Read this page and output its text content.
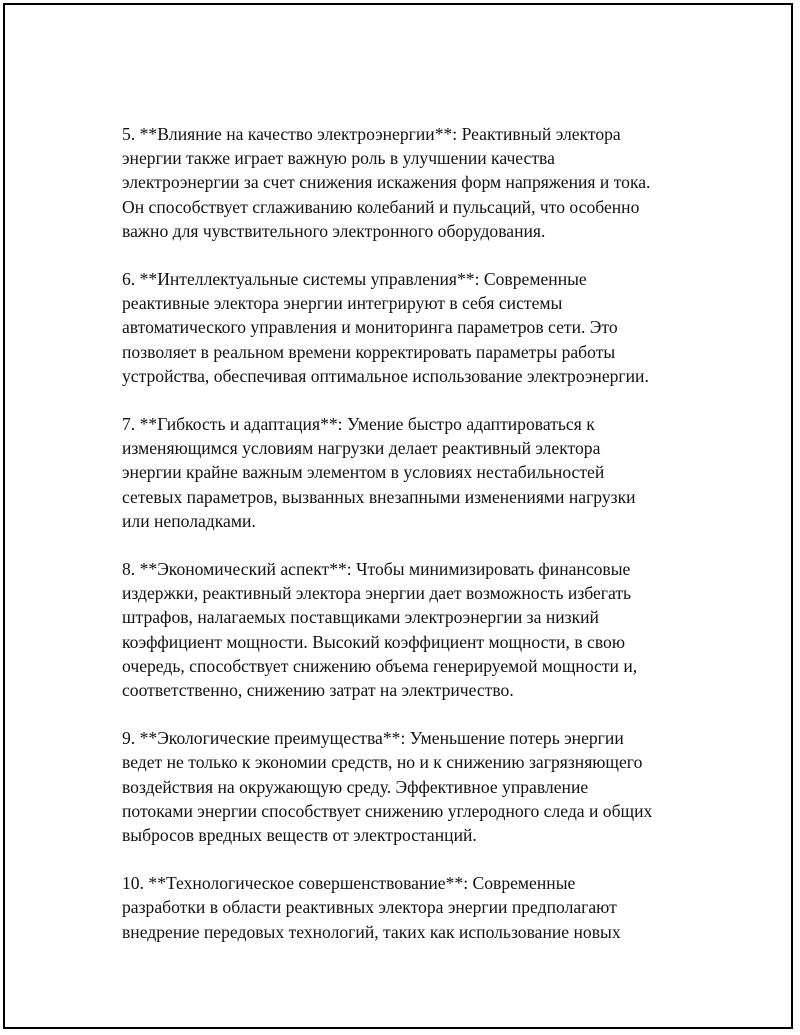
5. **Влияние на качество электроэнергии**: Реактивный электора
энергии также играет важную роль в улучшении качества
электроэнергии за счет снижения искажения форм напряжения и тока.
Он способствует сглаживанию колебаний и пульсаций, что особенно
важно для чувствительного электронного оборудования.

6. **Интеллектуальные системы управления**: Современные
реактивные электора энергии интегрируют в себя системы
автоматического управления и мониторинга параметров сети. Это
позволяет в реальном времени корректировать параметры работы
устройства, обеспечивая оптимальное использование электроэнергии.

7. **Гибкость и адаптация**: Умение быстро адаптироваться к
изменяющимся условиям нагрузки делает реактивный электора
энергии крайне важным элементом в условиях нестабильностей
сетевых параметров, вызванных внезапными изменениями нагрузки
или неполадками.

8. **Экономический аспект**: Чтобы минимизировать финансовые
издержки, реактивный электора энергии дает возможность избегать
штрафов, налагаемых поставщиками электроэнергии за низкий
коэффициент мощности. Высокий коэффициент мощности, в свою
очередь, способствует снижению объема генерируемой мощности и,
соответственно, снижению затрат на электричество.

9. **Экологические преимущества**: Уменьшение потерь энергии
ведет не только к экономии средств, но и к снижению загрязняющего
воздействия на окружающую среду. Эффективное управление
потоками энергии способствует снижению углеродного следа и общих
выбросов вредных веществ от электростанций.

10. **Технологическое совершенствование**: Современные
разработки в области реактивных электора энергии предполагают
внедрение передовых технологий, таких как использование новых
